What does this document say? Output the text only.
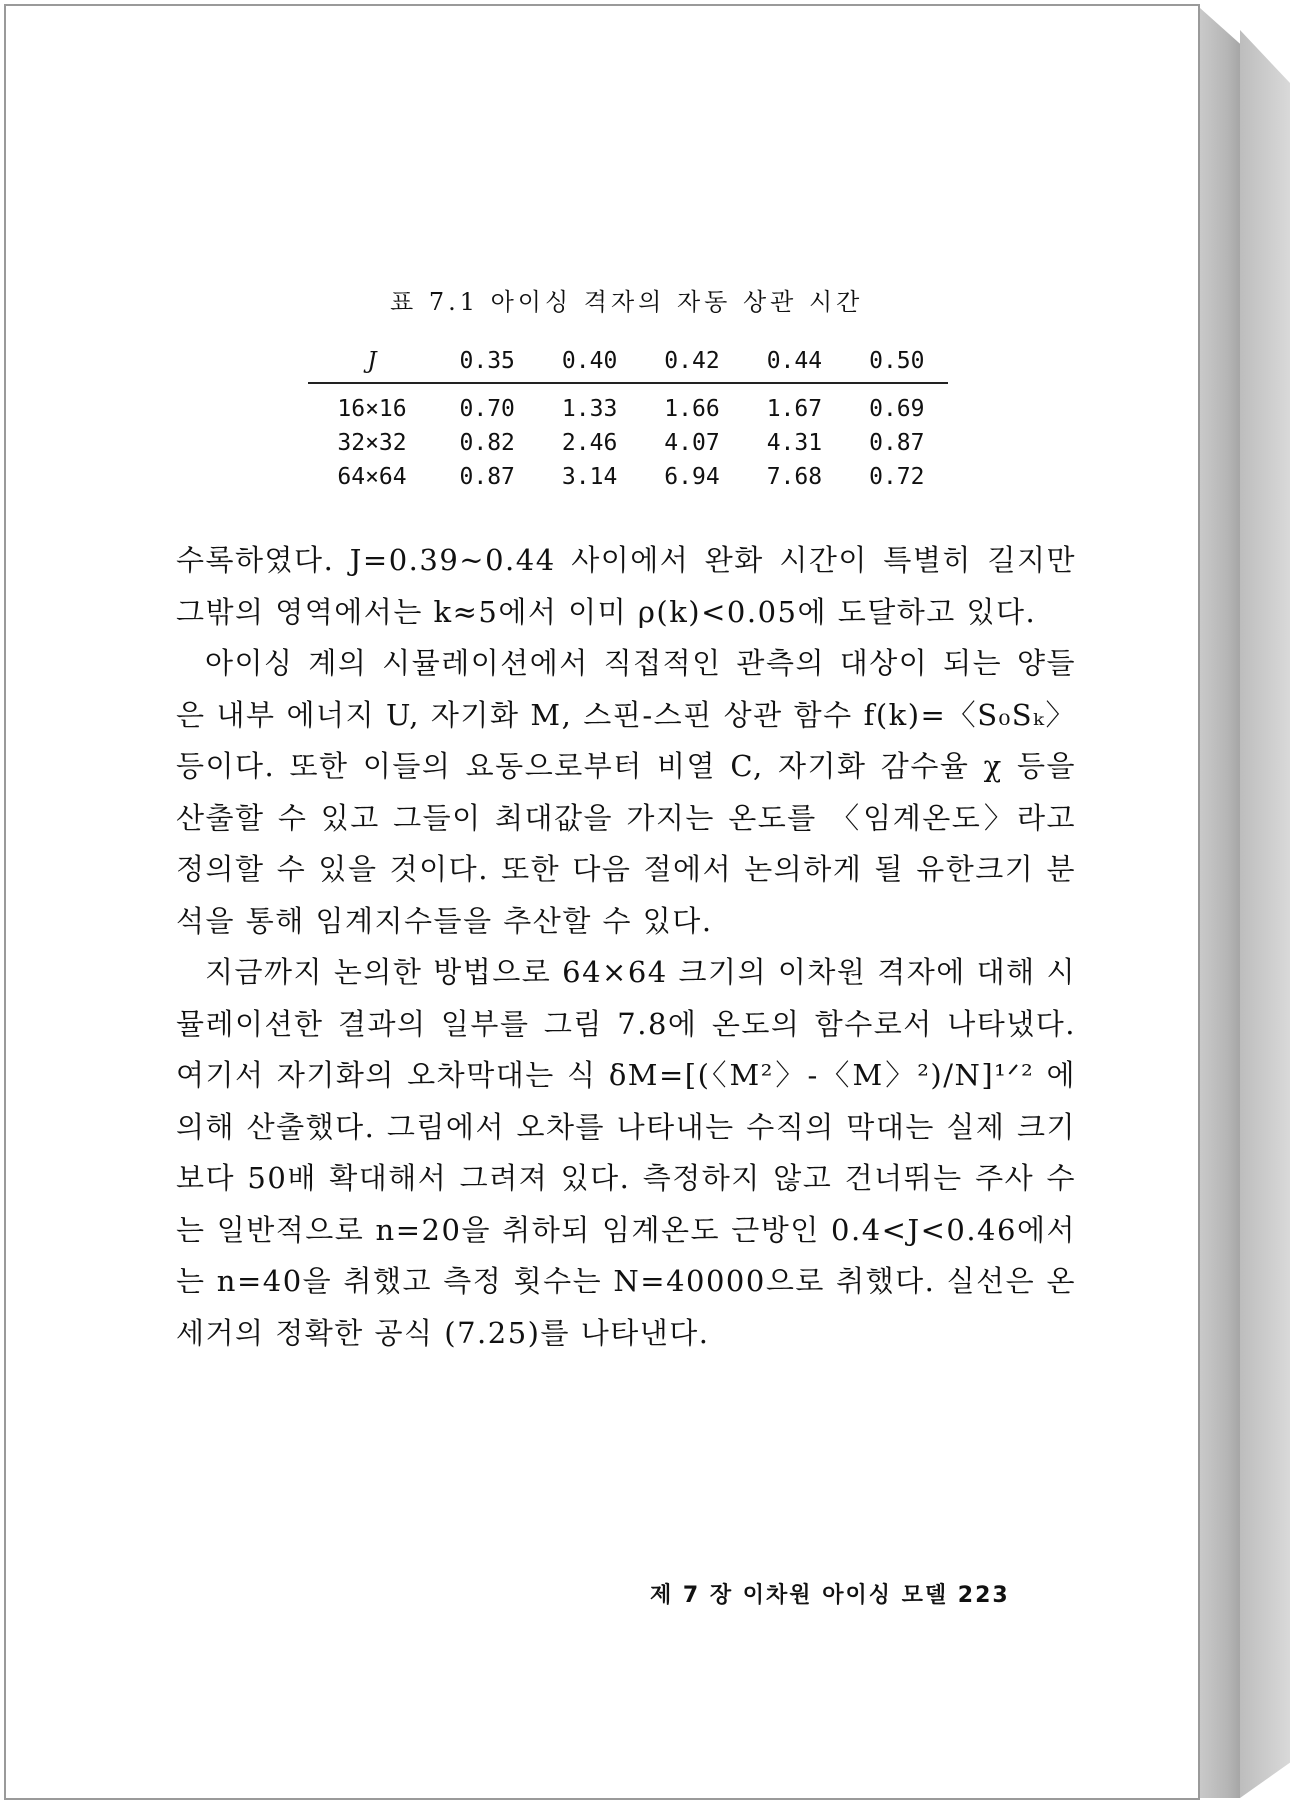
표 7.1 아이싱 격자의 자동 상관 시간
J	0.35	0.40	0.42	0.44	0.50
16×16	0.70	1.33	1.66	1.67	0.69
32×32	0.82	2.46	4.07	4.31	0.87
64×64	0.87	3.14	6.94	7.68	0.72

수록하였다. J=0.39~0.44 사이에서 완화 시간이 특별히 길지만 그밖의 영역에서는 k≈5에서 이미 ρ(k)<0.05에 도달하고 있다.

아이싱 계의 시뮬레이션에서 직접적인 관측의 대상이 되는 양들은 내부 에너지 U, 자기화 M, 스핀-스핀 상관 함수 f(k)=〈S₀Sₖ〉 등이다. 또한 이들의 요동으로부터 비열 C, 자기화 감수율 χ 등을 산출할 수 있고 그들이 최대값을 가지는 온도를 〈임계온도〉라고 정의할 수 있을 것이다. 또한 다음 절에서 논의하게 될 유한크기 분석을 통해 임계지수들을 추산할 수 있다.

지금까지 논의한 방법으로 64×64 크기의 이차원 격자에 대해 시뮬레이션한 결과의 일부를 그림 7.8에 온도의 함수로서 나타냈다. 여기서 자기화의 오차막대는 식 δM=[(〈M²〉-〈M〉²)/N]¹ᐟ² 에 의해 산출했다. 그림에서 오차를 나타내는 수직의 막대는 실제 크기보다 50배 확대해서 그려져 있다. 측정하지 않고 건너뛰는 주사 수는 일반적으로 n=20을 취하되 임계온도 근방인 0.4<J<0.46에서는 n=40을 취했고 측정 횟수는 N=40000으로 취했다. 실선은 온세거의 정확한 공식 (7.25)를 나타낸다.

제 7 장 이차원 아이싱 모델 223
